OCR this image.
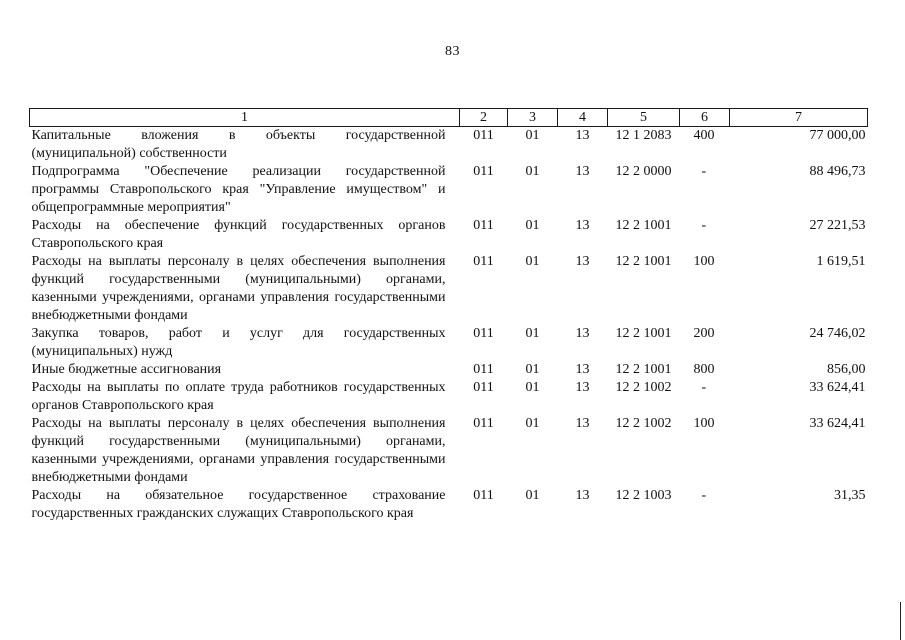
83
1	2	3	4	5	6	7
Капитальные вложения в объекты государственной (муниципальной) собственности	011	01	13	12 1 2083	400	77 000,00
Подпрограмма "Обеспечение реализации государственной программы Ставропольского края "Управление имуществом" и общепрограммные мероприятия"	011	01	13	12 2 0000	-	88 496,73
Расходы на обеспечение функций государственных органов Ставропольского края	011	01	13	12 2 1001	-	27 221,53
Расходы на выплаты персоналу в целях обеспечения выполнения функций государственными (муниципальными) органами, казенными учреждениями, органами управления государственными внебюджетными фондами	011	01	13	12 2 1001	100	1 619,51
Закупка товаров, работ и услуг для государственных (муниципальных) нужд	011	01	13	12 2 1001	200	24 746,02
Иные бюджетные ассигнования	011	01	13	12 2 1001	800	856,00
Расходы на выплаты по оплате труда работников государственных органов Ставропольского края	011	01	13	12 2 1002	-	33 624,41
Расходы на выплаты персоналу в целях обеспечения выполнения функций государственными (муниципальными) органами, казенными учреждениями, органами управления государственными внебюджетными фондами	011	01	13	12 2 1002	100	33 624,41
Расходы на обязательное государственное страхование государственных гражданских служащих Ставропольского края	011	01	13	12 2 1003	-	31,35
